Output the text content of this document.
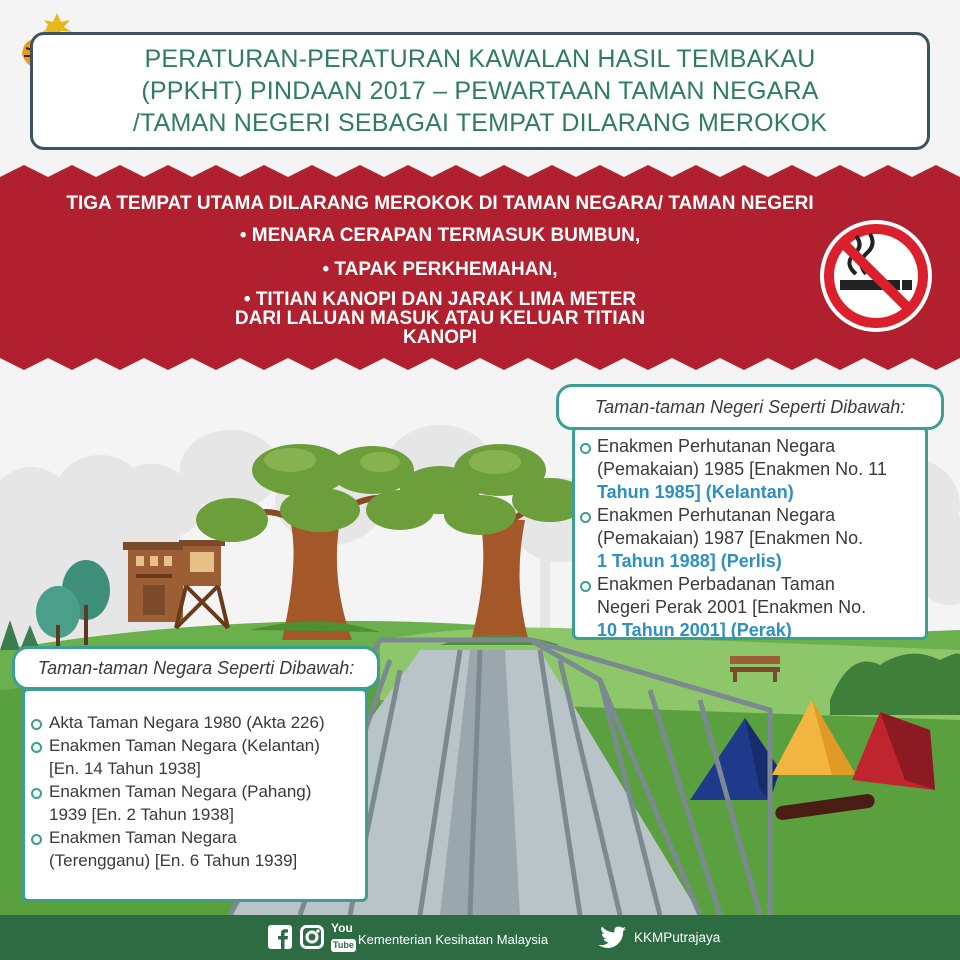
PERATURAN-PERATURAN KAWALAN HASIL TEMBAKAU
(PPKHT) PINDAAN 2017 – PEWARTAAN TAMAN NEGARA
/TAMAN NEGERI SEBAGAI TEMPAT DILARANG MEROKOK
TIGA TEMPAT UTAMA DILARANG MEROKOK DI TAMAN NEGARA/ TAMAN NEGERI
• MENARA CERAPAN TERMASUK BUMBUN,
• TAPAK PERKHEMAHAN,
• TITIAN KANOPI DAN JARAK LIMA METER
DARI LALUAN MASUK ATAU KELUAR TITIAN
KANOPI
Enakmen Perhutanan Negara
(Pemakaian) 1985 [Enakmen No. 11
Tahun 1985] (Kelantan)
Enakmen Perhutanan Negara
(Pemakaian) 1987 [Enakmen No.
1 Tahun 1988] (Perlis)
Enakmen Perbadanan Taman
Negeri Perak 2001 [Enakmen No.
10 Tahun 2001] (Perak)
Taman-taman Negeri Seperti Dibawah:
Akta Taman Negara 1980 (Akta 226)
Enakmen Taman Negara (Kelantan)
[En. 14 Tahun 1938]
Enakmen Taman Negara (Pahang)
1939 [En. 2 Tahun 1938]
Enakmen Taman Negara
(Terengganu) [En. 6 Tahun 1939]
Taman-taman Negara Seperti Dibawah:
You
Tube Kementerian Kesihatan Malaysia	KKMPutrajaya
